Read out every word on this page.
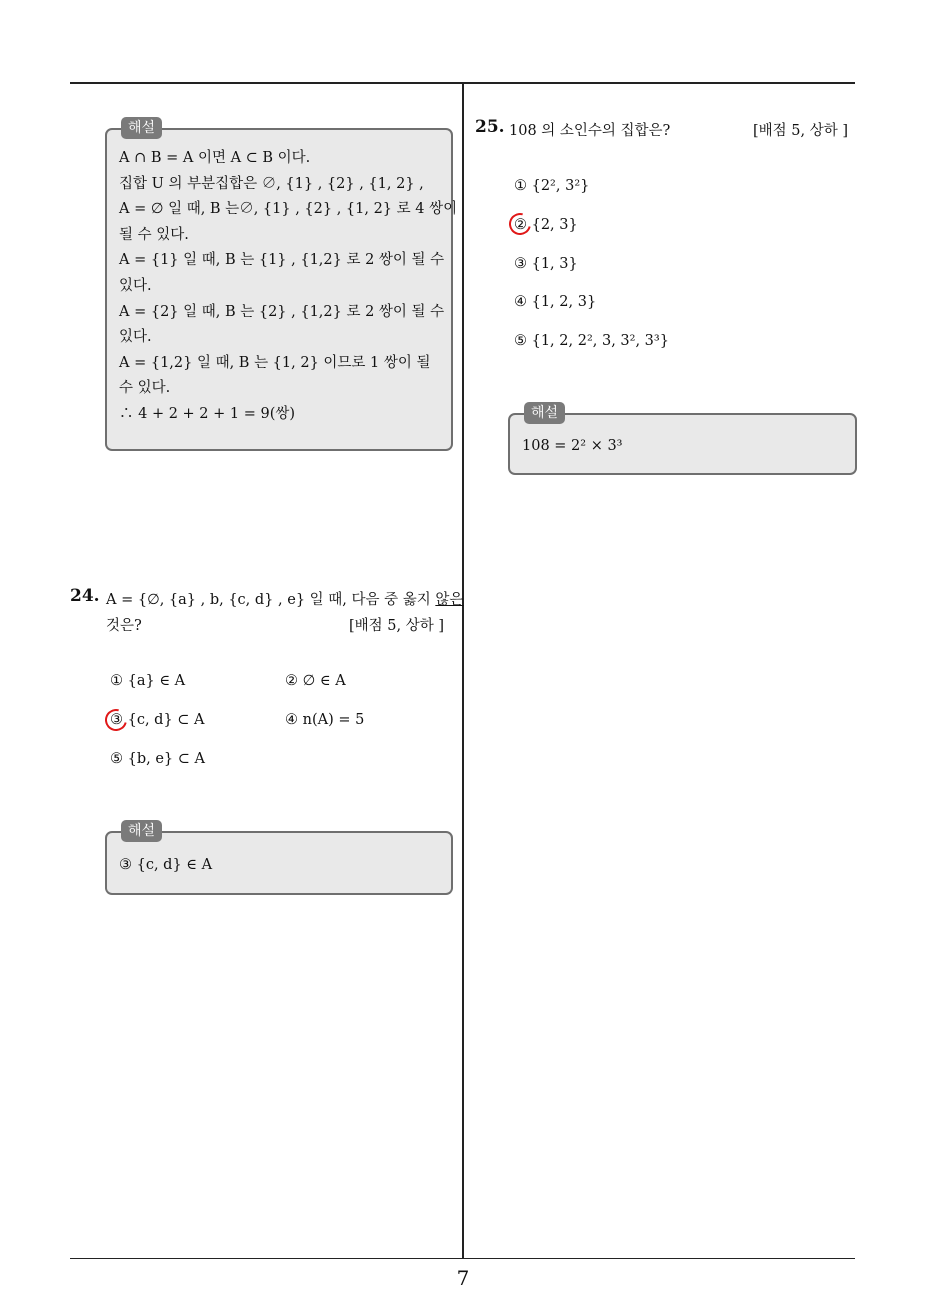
7
해설
A ∩ B = A 이면 A ⊂ B 이다.
집합 U 의 부분집합은 ∅, {1} , {2} , {1, 2} ,
A = ∅ 일 때, B 는∅, {1} , {2} , {1, 2} 로 4 쌍이
될 수 있다.
A = {1} 일 때, B 는 {1} , {1,2} 로 2 쌍이 될 수
있다.
A = {2} 일 때, B 는 {2} , {1,2} 로 2 쌍이 될 수
있다.
A = {1,2} 일 때, B 는 {1, 2} 이므로 1 쌍이 될
수 있다.
∴ 4 + 2 + 2 + 1 = 9(쌍)
24. A = {∅, {a} , b, {c, d} , e} 일 때, 다음 중 옳지 않은
것은?	[배점 5, 상하 ]
① {a} ∈ A	② ∅ ∈ A
③ {c, d} ⊂ A	④ n(A) = 5
⑤ {b, e} ⊂ A
해설
③ {c, d} ∈ A
25. 108 의 소인수의 집합은?	[배점 5, 상하 ]
① {2², 3²}
② {2, 3}
③ {1, 3}
④ {1, 2, 3}
⑤ {1, 2, 2², 3, 3², 3³}
해설
108 = 2² × 3³
